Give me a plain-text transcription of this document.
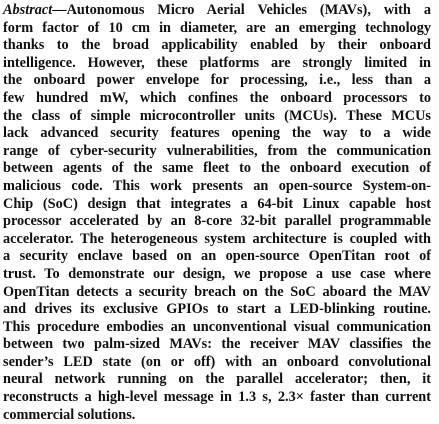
Abstract—Autonomous Micro Aerial Vehicles (MAVs), with a
form factor of 10 cm in diameter, are an emerging technology
thanks to the broad applicability enabled by their onboard
intelligence. However, these platforms are strongly limited in
the onboard power envelope for processing, i.e., less than a
few hundred mW, which confines the onboard processors to
the class of simple microcontroller units (MCUs). These MCUs
lack advanced security features opening the way to a wide
range of cyber-security vulnerabilities, from the communication
between agents of the same fleet to the onboard execution of
malicious code. This work presents an open-source System-on-
Chip (SoC) design that integrates a 64-bit Linux capable host
processor accelerated by an 8-core 32-bit parallel programmable
accelerator. The heterogeneous system architecture is coupled with
a security enclave based on an open-source OpenTitan root of
trust. To demonstrate our design, we propose a use case where
OpenTitan detects a security breach on the SoC aboard the MAV
and drives its exclusive GPIOs to start a LED-blinking routine.
This procedure embodies an unconventional visual communication
between two palm-sized MAVs: the receiver MAV classifies the
sender’s LED state (on or off) with an onboard convolutional
neural network running on the parallel accelerator; then, it
reconstructs a high-level message in 1.3 s, 2.3× faster than current
commercial solutions.
